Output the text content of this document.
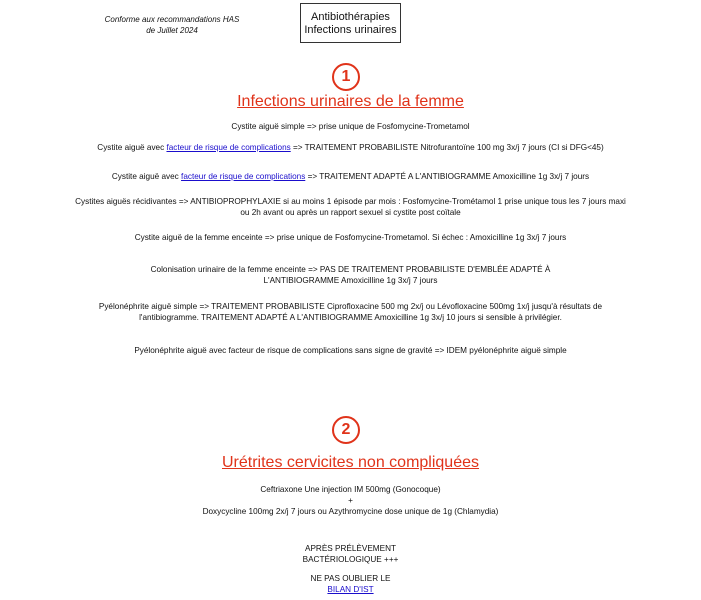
Conforme aux recommandations HAS
de Juillet 2024
Antibiothérapies
Infections urinaires
1
Infections urinaires de la femme
Cystite aiguë simple => prise unique de Fosfomycine-Trometamol
Cystite aiguë avec facteur de risque de complications => TRAITEMENT PROBABILISTE Nitrofurantoïne 100 mg 3x/j 7 jours (CI si DFG<45)
Cystite aiguë avec facteur de risque de complications => TRAITEMENT ADAPTÉ A L'ANTIBIOGRAMME Amoxicilline 1g 3x/j 7 jours
Cystites aiguës récidivantes => ANTIBIOPROPHYLAXIE si au moins 1 épisode par mois : Fosfomycine-Trométamol 1 prise unique tous les 7 jours maxi
ou 2h avant ou après un rapport sexuel si cystite post coïtale
Cystite aiguë de la femme enceinte => prise unique de Fosfomycine-Trometamol. Si échec : Amoxicilline 1g 3x/j 7 jours
Colonisation urinaire de la femme enceinte => PAS DE TRAITEMENT PROBABILISTE D'EMBLÉE ADAPTÉ À
L'ANTIBIOGRAMME Amoxicilline 1g 3x/j 7 jours
Pyélonéphrite aiguë simple => TRAITEMENT PROBABILISTE Ciprofloxacine 500 mg 2x/j ou Lévofloxacine 500mg 1x/j jusqu'à résultats de
l'antibiogramme. TRAITEMENT ADAPTÉ A L'ANTIBIOGRAMME Amoxicilline 1g 3x/j 10 jours si sensible à privilégier.
Pyélonéphrite aiguë avec facteur de risque de complications sans signe de gravité => IDEM pyélonéphrite aiguë simple
2
Urétrites cervicites non compliquées
Ceftriaxone Une injection IM 500mg (Gonocoque)
+
Doxycycline 100mg 2x/j 7 jours ou Azythromycine dose unique de 1g (Chlamydia)
APRÈS PRÉLÈVEMENT
BACTÉRIOLOGIQUE +++
NE PAS OUBLIER LE
BILAN D'IST
